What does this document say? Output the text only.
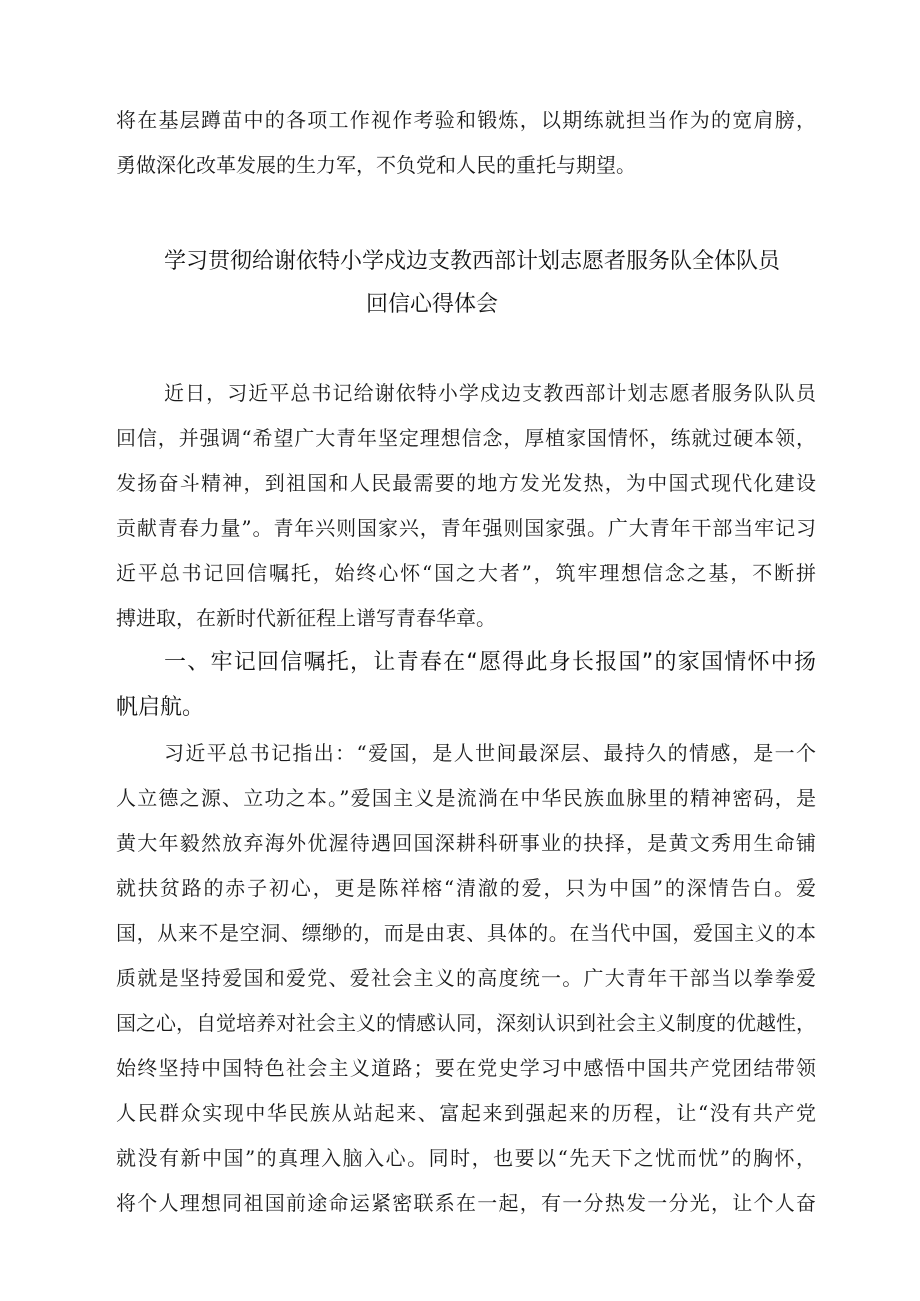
将在基层蹲苗中的各项工作视作考验和锻炼，以期练就担当作为的宽肩膀，
勇做深化改革发展的生力军，不负党和人民的重托与期望。
学习贯彻给谢依特小学戍边支教西部计划志愿者服务队全体队员
回信心得体会
近日，习近平总书记给谢依特小学戍边支教西部计划志愿者服务队队员
回信，并强调“希望广大青年坚定理想信念，厚植家国情怀，练就过硬本领，
发扬奋斗精神，到祖国和人民最需要的地方发光发热，为中国式现代化建设
贡献青春力量”。青年兴则国家兴，青年强则国家强。广大青年干部当牢记习
近平总书记回信嘱托，始终心怀“国之大者”，筑牢理想信念之基，不断拼
搏进取，在新时代新征程上谱写青春华章。
一、牢记回信嘱托，让青春在“愿得此身长报国”的家国情怀中扬
帆启航。
习近平总书记指出：“爱国，是人世间最深层、最持久的情感，是一个
人立德之源、立功之本。”爱国主义是流淌在中华民族血脉里的精神密码，是
黄大年毅然放弃海外优渥待遇回国深耕科研事业的抉择，是黄文秀用生命铺
就扶贫路的赤子初心，更是陈祥榕“清澈的爱，只为中国”的深情告白。爱
国，从来不是空洞、缥缈的，而是由衷、具体的。在当代中国，爱国主义的本
质就是坚持爱国和爱党、爱社会主义的高度统一。广大青年干部当以拳拳爱
国之心，自觉培养对社会主义的情感认同，深刻认识到社会主义制度的优越性，
始终坚持中国特色社会主义道路；要在党史学习中感悟中国共产党团结带领
人民群众实现中华民族从站起来、富起来到强起来的历程，让“没有共产党
就没有新中国”的真理入脑入心。同时，也要以“先天下之忧而忧”的胸怀，
将个人理想同祖国前途命运紧密联系在一起，有一分热发一分光，让个人奋
